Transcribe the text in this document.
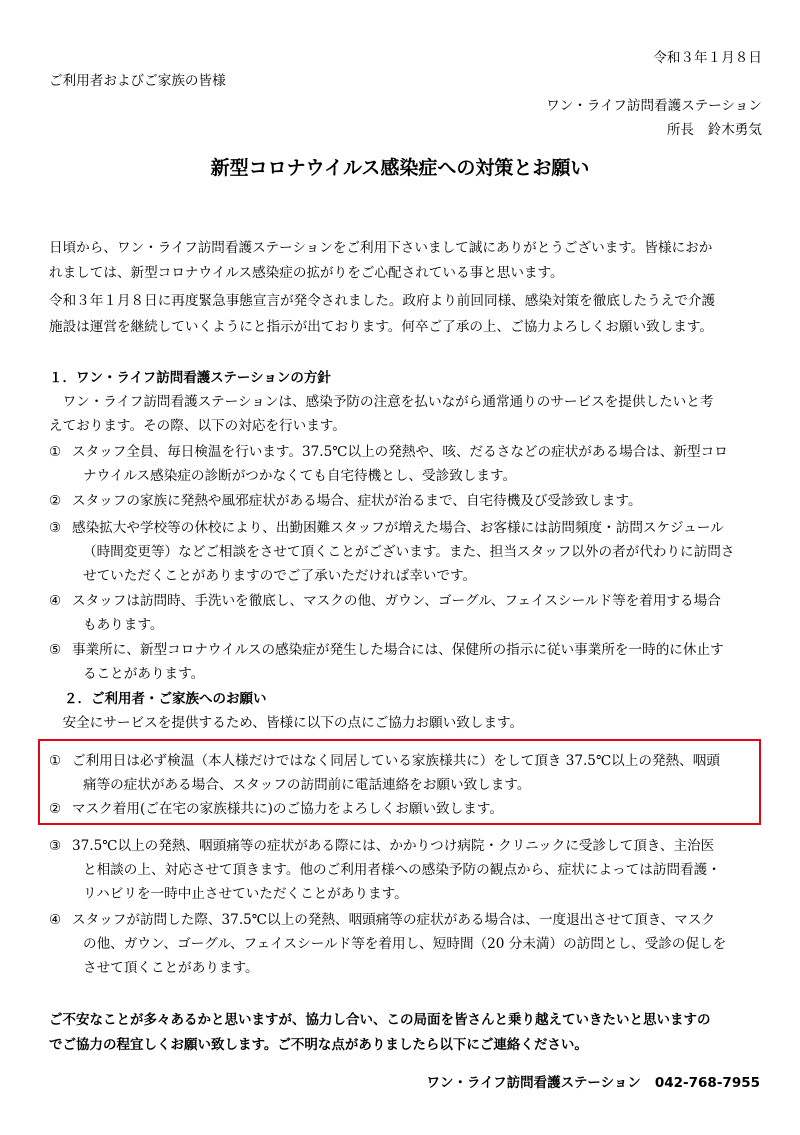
令和３年１月８日
ご利用者およびご家族の皆様
ワン・ライフ訪問看護ステーション
所長　鈴木勇気
新型コロナウイルス感染症への対策とお願い
日頃から、ワン・ライフ訪問看護ステーションをご利用下さいまして誠にありがとうございます。皆様におか
れましては、新型コロナウイルス感染症の拡がりをご心配されている事と思います。
令和３年１月８日に再度緊急事態宣言が発令されました。政府より前回同様、感染対策を徹底したうえで介護
施設は運営を継続していくようにと指示が出ております。何卒ご了承の上、ご協力よろしくお願い致します。
１．ワン・ライフ訪問看護ステーションの方針
　ワン・ライフ訪問看護ステーションは、感染予防の注意を払いながら通常通りのサービスを提供したいと考
えております。その際、以下の対応を行います。
① スタッフ全員、毎日検温を行います。37.5℃以上の発熱や、咳、だるさなどの症状がある場合は、新型コロ
ナウイルス感染症の診断がつかなくても自宅待機とし、受診致します。
② スタッフの家族に発熱や風邪症状がある場合、症状が治るまで、自宅待機及び受診致します。
③ 感染拡大や学校等の休校により、出勤困難スタッフが増えた場合、お客様には訪問頻度・訪問スケジュール
（時間変更等）などご相談をさせて頂くことがございます。また、担当スタッフ以外の者が代わりに訪問さ
せていただくことがありますのでご了承いただければ幸いです。
④ スタッフは訪問時、手洗いを徹底し、マスクの他、ガウン、ゴーグル、フェイスシールド等を着用する場合
もあります。
⑤ 事業所に、新型コロナウイルスの感染症が発生した場合には、保健所の指示に従い事業所を一時的に休止す
ることがあります。
２．ご利用者・ご家族へのお願い
　安全にサービスを提供するため、皆様に以下の点にご協力お願い致します。
① ご利用日は必ず検温（本人様だけではなく同居している家族様共に）をして頂き 37.5℃以上の発熱、咽頭
痛等の症状がある場合、スタッフの訪問前に電話連絡をお願い致します。
② マスク着用(ご在宅の家族様共に)のご協力をよろしくお願い致します。
③ 37.5℃以上の発熱、咽頭痛等の症状がある際には、かかりつけ病院・クリニックに受診して頂き、主治医
と相談の上、対応させて頂きます。他のご利用者様への感染予防の観点から、症状によっては訪問看護・
リハビリを一時中止させていただくことがあります。
④ スタッフが訪問した際、37.5℃以上の発熱、咽頭痛等の症状がある場合は、一度退出させて頂き、マスク
の他、ガウン、ゴーグル、フェイスシールド等を着用し、短時間（20 分未満）の訪問とし、受診の促しを
させて頂くことがあります。
ご不安なことが多々あるかと思いますが、協力し合い、この局面を皆さんと乗り越えていきたいと思いますの
でご協力の程宜しくお願い致します。ご不明な点がありましたら以下にご連絡ください。
ワン・ライフ訪問看護ステーション 042-768-7955
